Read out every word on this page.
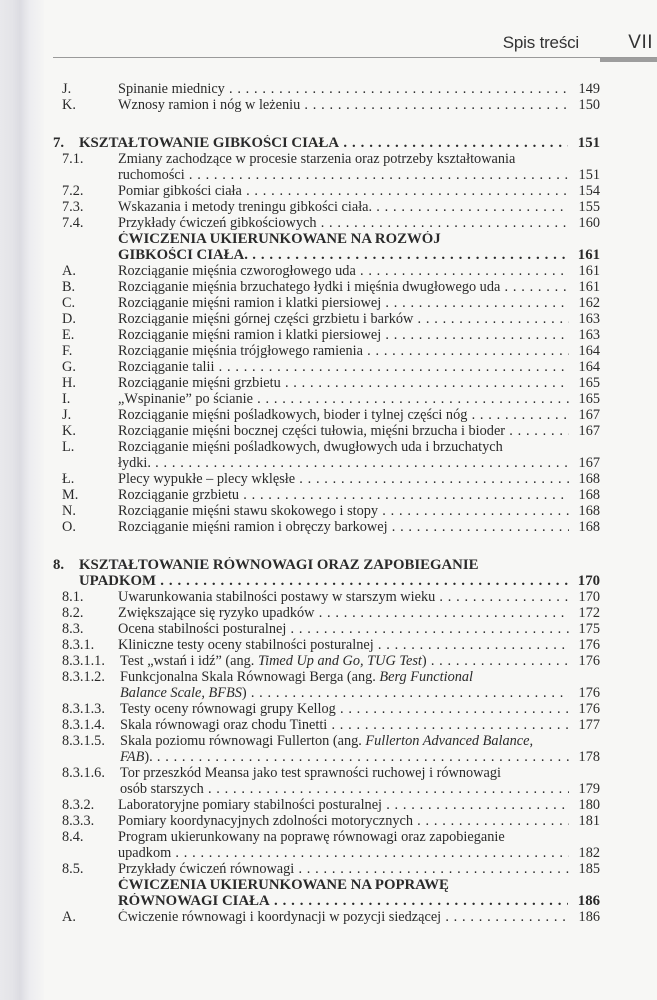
Spis treści	VII
J.	Spinanie miednicy . . .	149
K.	Wznosy ramion i nóg w leżeniu . . .	150
7. KSZTAŁTOWANIE GIBKOŚCI CIAŁA . . .	151
7.1. Zmiany zachodzące w procesie starzenia oraz potrzeby kształtowania
ruchomości . . .	151
7.2. Pomiar gibkości ciała . . .	154
7.3. Wskazania i metody treningu gibkości ciała. . . .	155
7.4. Przykłady ćwiczeń gibkościowych . . .	160
ĆWICZENIA UKIERUNKOWANE NA ROZWÓJ
GIBKOŚCI CIAŁA. . . .	161
A.	Rozciąganie mięśnia czworogłowego uda . . .	161
B.	Rozciąganie mięśnia brzuchatego łydki i mięśnia dwugłowego uda . . .	161
C.	Rozciąganie mięśni ramion i klatki piersiowej . . .	162
D.	Rozciąganie mięśni górnej części grzbietu i barków . . .	163
E.	Rozciąganie mięśni ramion i klatki piersiowej . . .	163
F.	Rozciąganie mięśnia trójgłowego ramienia . . .	164
G.	Rozciąganie talii . . .	164
H.	Rozciąganie mięśni grzbietu . . .	165
I.	„Wspinanie” po ścianie . . .	165
J.	Rozciąganie mięśni pośladkowych, bioder i tylnej części nóg . . .	167
K.	Rozciąganie mięśni bocznej części tułowia, mięśni brzucha i bioder . . .	167
L.	Rozciąganie mięśni pośladkowych, dwugłowych uda i brzuchatych
łydki. . . .	167
Ł.	Plecy wypukłe – plecy wklęsłe . . .	168
M.	Rozciąganie grzbietu . . .	168
N.	Rozciąganie mięśni stawu skokowego i stopy . . .	168
O.	Rozciąganie mięśni ramion i obręczy barkowej . . .	168
8. KSZTAŁTOWANIE RÓWNOWAGI ORAZ ZAPOBIEGANIE
UPADKOM . . .	170
8.1. Uwarunkowania stabilności postawy w starszym wieku . . .	170
8.2. Zwiększające się ryzyko upadków . . .	172
8.3. Ocena stabilności posturalnej . . .	175
8.3.1. Kliniczne testy oceny stabilności posturalnej . . .	176
8.3.1.1. Test „wstań i idź” (ang. Timed Up and Go, TUG Test) . . .	176
8.3.1.2. Funkcjonalna Skala Równowagi Berga (ang. Berg Functional
Balance Scale, BFBS) . . .	176
8.3.1.3. Testy oceny równowagi grupy Kellog . . .	176
8.3.1.4. Skala równowagi oraz chodu Tinetti . . .	177
8.3.1.5. Skala poziomu równowagi Fullerton (ang. Fullerton Advanced Balance,
FAB). . . .	178
8.3.1.6. Tor przeszkód Meansa jako test sprawności ruchowej i równowagi
osób starszych . . .	179
8.3.2. Laboratoryjne pomiary stabilności posturalnej . . .	180
8.3.3. Pomiary koordynacyjnych zdolności motorycznych . . .	181
8.4. Program ukierunkowany na poprawę równowagi oraz zapobieganie
upadkom . . .	182
8.5. Przykłady ćwiczeń równowagi . . .	185
ĆWICZENIA UKIERUNKOWANE NA POPRAWĘ
RÓWNOWAGI CIAŁA . . .	186
A.	Ćwiczenie równowagi i koordynacji w pozycji siedzącej . . .	186
